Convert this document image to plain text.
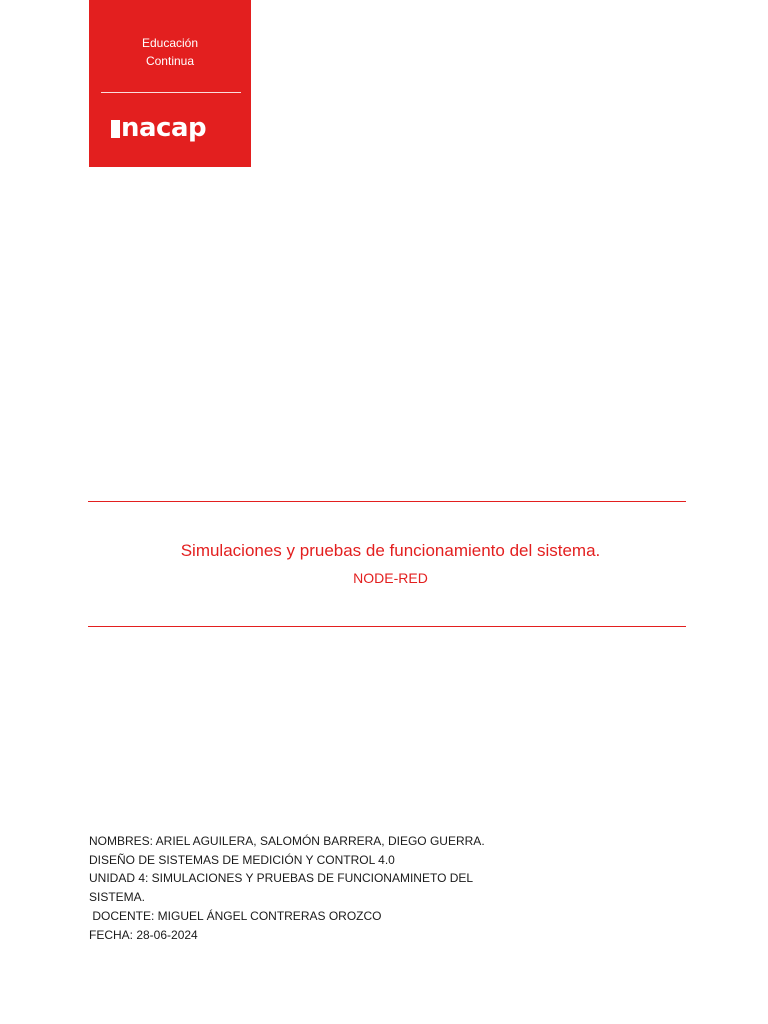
Educación
Continua
nacap
Simulaciones y pruebas de funcionamiento del sistema.
NODE-RED
NOMBRES: ARIEL AGUILERA, SALOMÓN BARRERA, DIEGO GUERRA.
DISEÑO DE SISTEMAS DE MEDICIÓN Y CONTROL 4.0
UNIDAD 4: SIMULACIONES Y PRUEBAS DE FUNCIONAMINETO DEL
SISTEMA.
DOCENTE: MIGUEL ÁNGEL CONTRERAS OROZCO
FECHA: 28-06-2024
